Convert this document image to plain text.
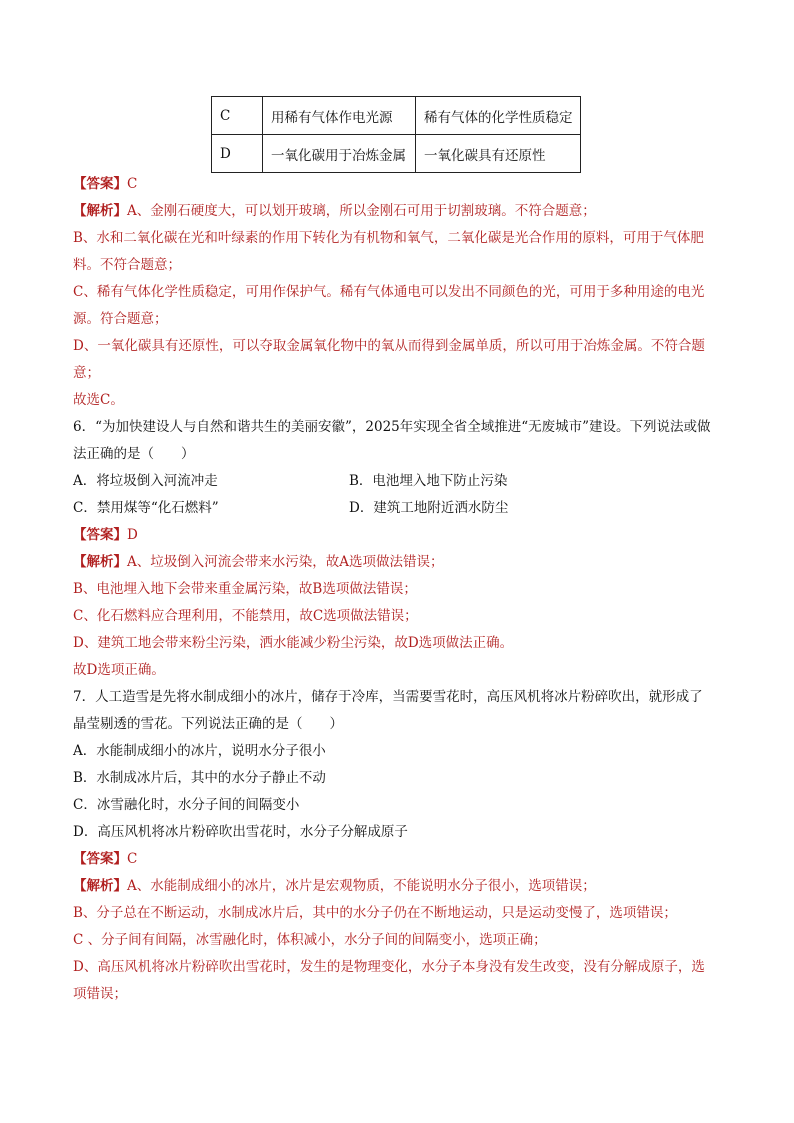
C	用稀有气体作电光源	稀有气体的化学性质稳定
D	一氧化碳用于冶炼金属	一氧化碳具有还原性
【答案】C
【解析】A、金刚石硬度大，可以划开玻璃，所以金刚石可用于切割玻璃。不符合题意；
B、水和二氧化碳在光和叶绿素的作用下转化为有机物和氧气，二氧化碳是光合作用的原料，可用于气体肥
料。不符合题意；
C、稀有气体化学性质稳定，可用作保护气。稀有气体通电可以发出不同颜色的光，可用于多种用途的电光
源。符合题意；
D、一氧化碳具有还原性，可以夺取金属氧化物中的氧从而得到金属单质，所以可用于冶炼金属。不符合题
意；
故选C。
6．“为加快建设人与自然和谐共生的美丽安徽”，2025年实现全省全域推进“无废城市”建设。下列说法或做
法正确的是（　　）
A．将垃圾倒入河流冲走	B．电池埋入地下防止污染
C．禁用煤等“化石燃料”	D．建筑工地附近洒水防尘
【答案】D
【解析】A、垃圾倒入河流会带来水污染，故A选项做法错误；
B、电池埋入地下会带来重金属污染，故B选项做法错误；
C、化石燃料应合理利用，不能禁用，故C选项做法错误；
D、建筑工地会带来粉尘污染，洒水能减少粉尘污染，故D选项做法正确。
故D选项正确。
7．人工造雪是先将水制成细小的冰片，储存于冷库，当需要雪花时，高压风机将冰片粉碎吹出，就形成了
晶莹剔透的雪花。下列说法正确的是（　　）
A．水能制成细小的冰片，说明水分子很小
B．水制成冰片后，其中的水分子静止不动
C．冰雪融化时，水分子间的间隔变小
D．高压风机将冰片粉碎吹出雪花时，水分子分解成原子
【答案】C
【解析】A、水能制成细小的冰片，冰片是宏观物质，不能说明水分子很小，选项错误；
B、分子总在不断运动，水制成冰片后，其中的水分子仍在不断地运动，只是运动变慢了，选项错误；
C 、分子间有间隔，冰雪融化时，体积减小，水分子间的间隔变小，选项正确；
D、高压风机将冰片粉碎吹出雪花时，发生的是物理变化，水分子本身没有发生改变，没有分解成原子，选
项错误；
